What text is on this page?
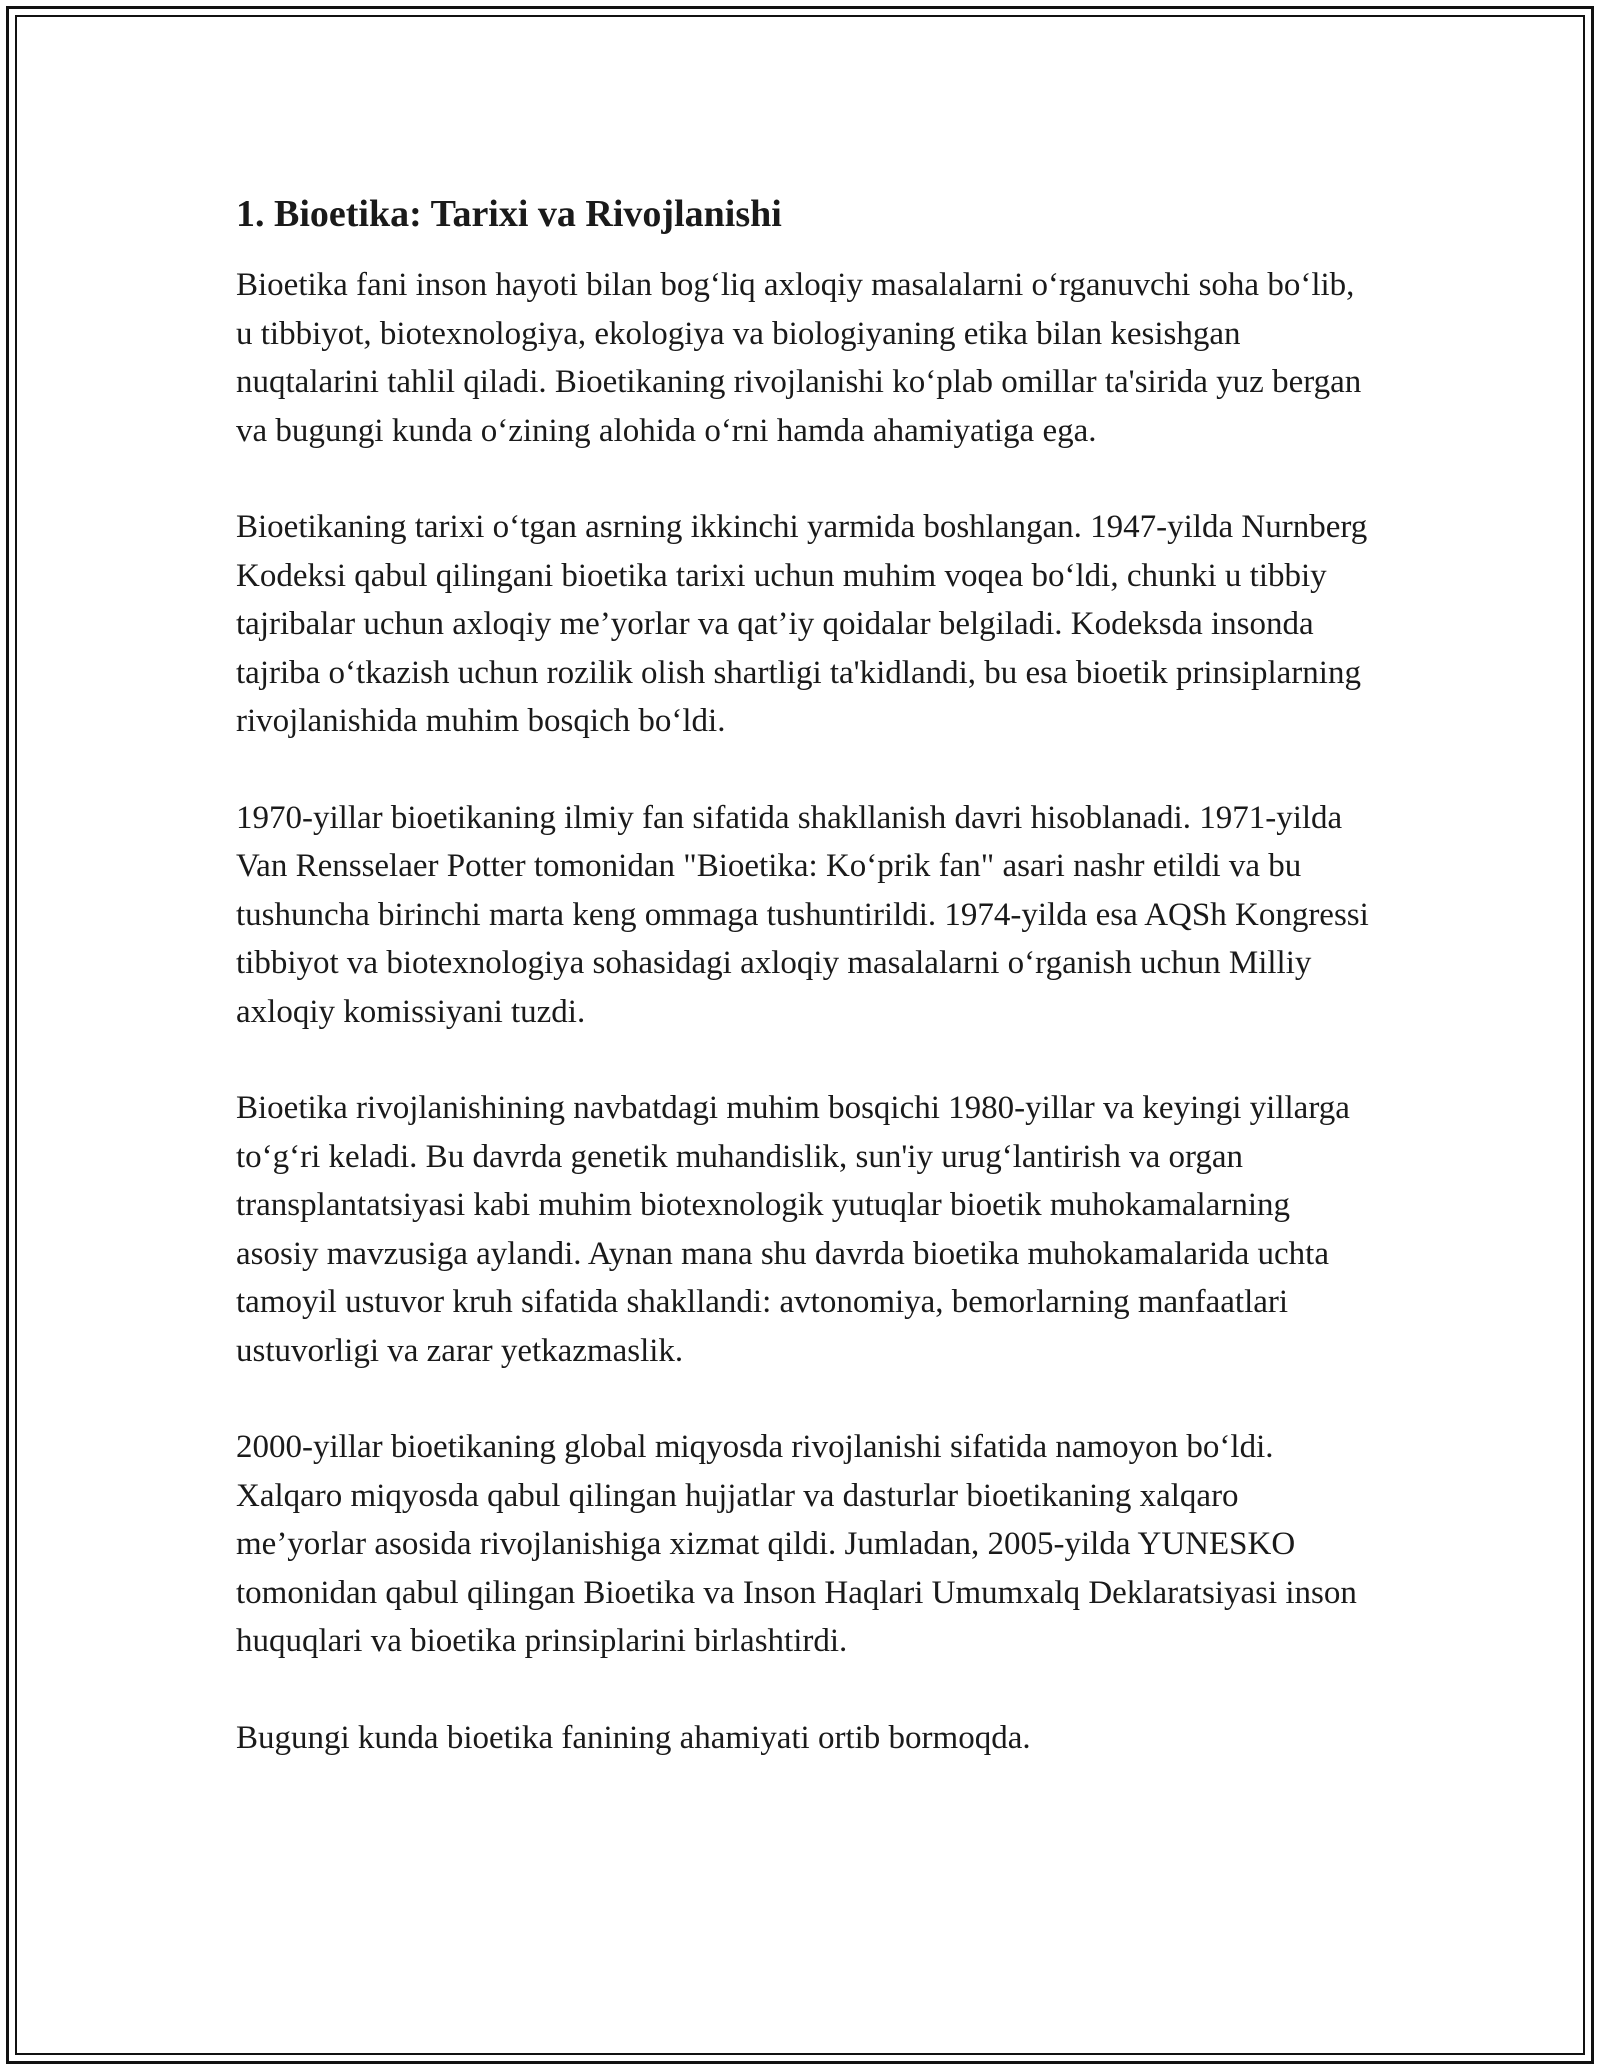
1. Bioetika: Tarixi va Rivojlanishi

Bioetika fani inson hayoti bilan bog‘liq axloqiy masalalarni o‘rganuvchi soha bo‘lib, u tibbiyot, biotexnologiya, ekologiya va biologiyaning etika bilan kesishgan nuqtalarini tahlil qiladi. Bioetikaning rivojlanishi ko‘plab omillar ta'sirida yuz bergan va bugungi kunda o‘zining alohida o‘rni hamda ahamiyatiga ega.

Bioetikaning tarixi o‘tgan asrning ikkinchi yarmida boshlangan. 1947-yilda Nurnberg Kodeksi qabul qilingani bioetika tarixi uchun muhim voqea bo‘ldi, chunki u tibbiy tajribalar uchun axloqiy me’yorlar va qat’iy qoidalar belgiladi. Kodeksda insonda tajriba o‘tkazish uchun rozilik olish shartligi ta'kidlandi, bu esa bioetik prinsiplarning rivojlanishida muhim bosqich bo‘ldi.

1970-yillar bioetikaning ilmiy fan sifatida shakllanish davri hisoblanadi. 1971-yilda Van Rensselaer Potter tomonidan "Bioetika: Ko‘prik fan" asari nashr etildi va bu tushuncha birinchi marta keng ommaga tushuntirildi. 1974-yilda esa AQSh Kongressi tibbiyot va biotexnologiya sohasidagi axloqiy masalalarni o‘rganish uchun Milliy axloqiy komissiyani tuzdi.

Bioetika rivojlanishining navbatdagi muhim bosqichi 1980-yillar va keyingi yillarga to‘g‘ri keladi. Bu davrda genetik muhandislik, sun'iy urug‘lantirish va organ transplantatsiyasi kabi muhim biotexnologik yutuqlar bioetik muhokamalarning asosiy mavzusiga aylandi. Aynan mana shu davrda bioetika muhokamalarida uchta tamoyil ustuvor kruh sifatida shakllandi: avtonomiya, bemorlarning manfaatlari ustuvorligi va zarar yetkazmaslik.

2000-yillar bioetikaning global miqyosda rivojlanishi sifatida namoyon bo‘ldi. Xalqaro miqyosda qabul qilingan hujjatlar va dasturlar bioetikaning xalqaro me’yorlar asosida rivojlanishiga xizmat qildi. Jumladan, 2005-yilda YUNESKO tomonidan qabul qilingan Bioetika va Inson Haqlari Umumxalq Deklaratsiyasi inson huquqlari va bioetika prinsiplarini birlashtirdi.

Bugungi kunda bioetika fanining ahamiyati ortib bormoqda.
